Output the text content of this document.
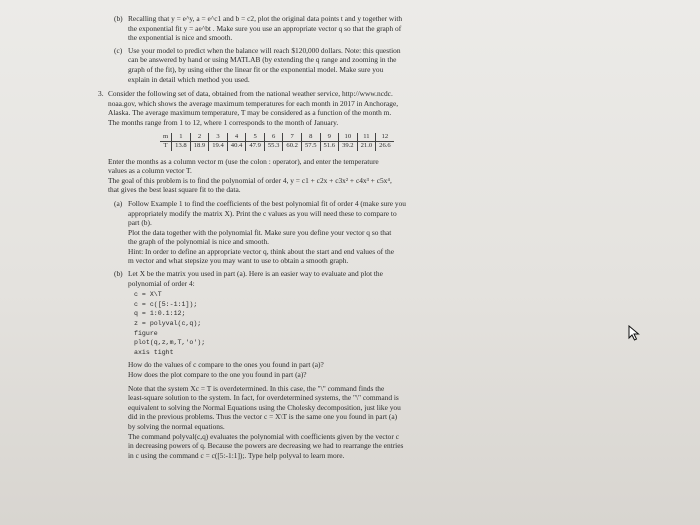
(b) Recalling that y = e^y, a = e^c1 and b = c2, plot the original data points t and y together with
the exponential fit y = ae^bt . Make sure you use an appropriate vector q so that the graph of
the exponential is nice and smooth.
(c) Use your model to predict when the balance will reach $120,000 dollars. Note: this question
can be answered by hand or using MATLAB (by extending the q range and zooming in the
graph of the fit), by using either the linear fit or the exponential model. Make sure you
explain in detail which method you used.
3. Consider the following set of data, obtained from the national weather service, http://www.ncdc.
noaa.gov, which shows the average maximum temperatures for each month in 2017 in Anchorage,
Alaska. The average maximum temperature, T may be considered as a function of the month m.
The months range from 1 to 12, where 1 corresponds to the month of January.
m	1	2	3	4	5	6	7	8	9	10	11	12
T	13.8	18.9	19.4	40.4	47.9	55.3	60.2	57.5	51.6	39.2	21.0	26.6
Enter the months as a column vector m (use the colon : operator), and enter the temperature
values as a column vector T.
The goal of this problem is to find the polynomial of order 4, y = c1 + c2x + c3x² + c4x³ + c5x⁴,
that gives the best least square fit to the data.
(a) Follow Example 1 to find the coefficients of the best polynomial fit of order 4 (make sure you
appropriately modify the matrix X). Print the c values as you will need these to compare to
part (b).
Plot the data together with the polynomial fit. Make sure you define your vector q so that
the graph of the polynomial is nice and smooth.
Hint: In order to define an appropriate vector q, think about the start and end values of the
m vector and what stepsize you may want to use to obtain a smooth graph.
(b) Let X be the matrix you used in part (a). Here is an easier way to evaluate and plot the
polynomial of order 4:
c = X\T
c = c([5:-1:1]);
q = 1:0.1:12;
z = polyval(c,q);
figure
plot(q,z,m,T,'o');
axis tight
How do the values of c compare to the ones you found in part (a)?
How does the plot compare to the one you found in part (a)?
Note that the system Xc = T is overdetermined. In this case, the "\" command finds the
least-square solution to the system. In fact, for overdetermined systems, the "\" command is
equivalent to solving the Normal Equations using the Cholesky decomposition, just like you
did in the previous problems. Thus the vector c = X\T is the same one you found in part (a)
by solving the normal equations.
The command polyval(c,q) evaluates the polynomial with coefficients given by the vector c
in decreasing powers of q. Because the powers are decreasing we had to rearrange the entries
in c using the command c = c([5:-1:1]);. Type help polyval to learn more.
